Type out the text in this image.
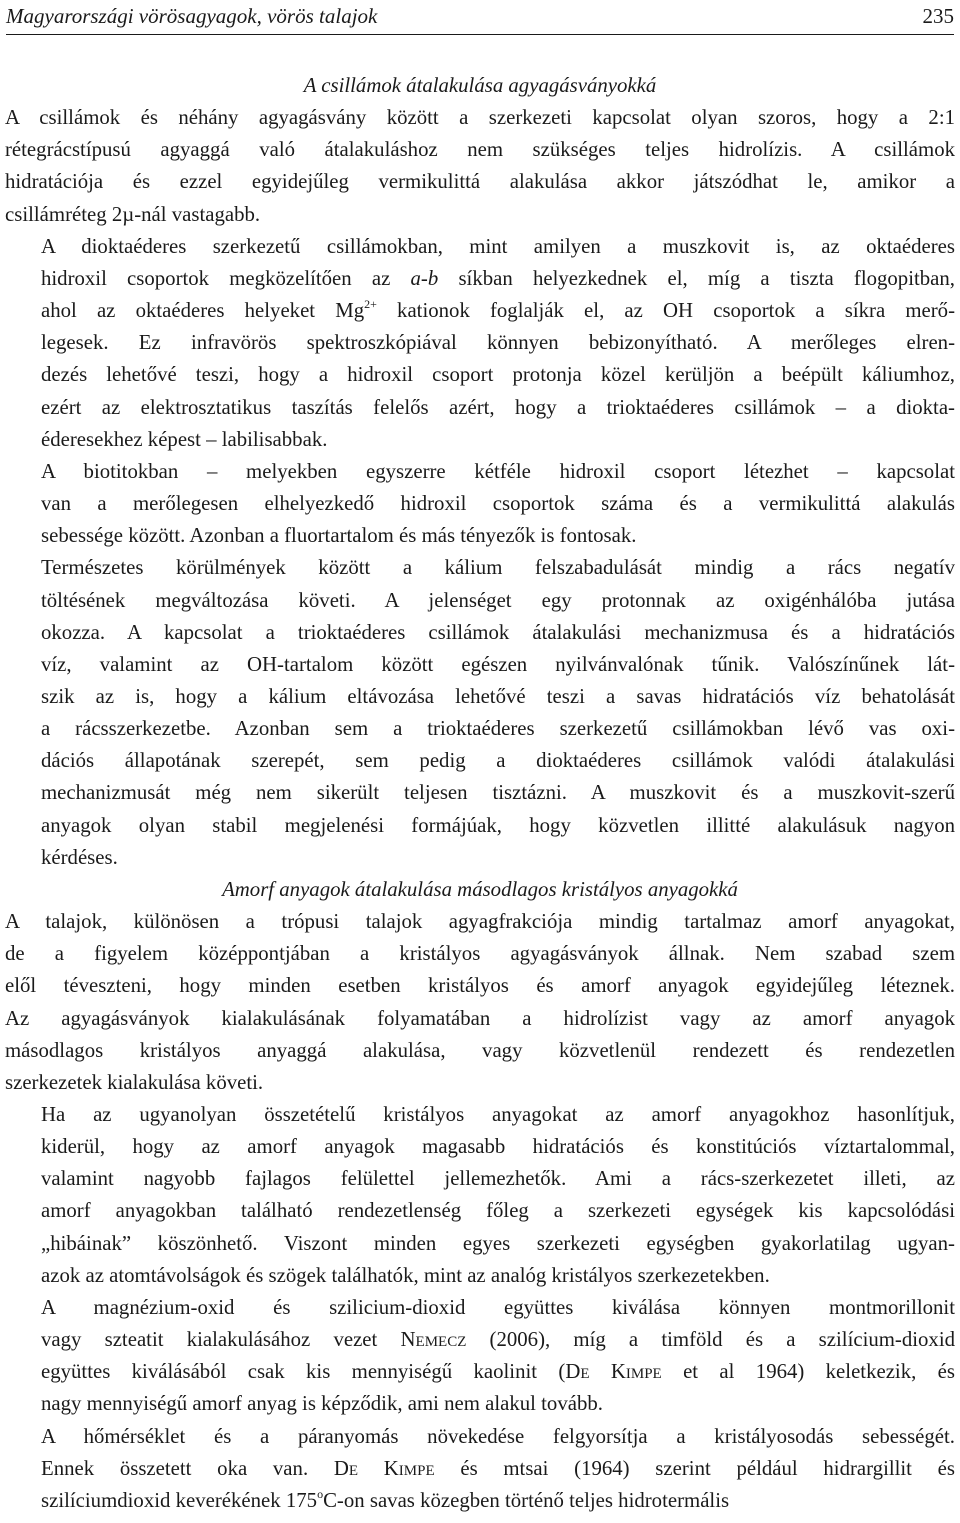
Magyarországi vörösagyagok, vörös talajok	235

A csillámok átalakulása agyagásványokká

A csillámok és néhány agyagásvány között a szerkezeti kapcsolat olyan szoros, hogy a 2:1
rétegrácstípusú agyaggá való átalakuláshoz nem szükséges teljes hidrolízis. A csillámok
hidratációja és ezzel egyidejűleg vermikulittá alakulása akkor játszódhat le, amikor a
csillámréteg 2µ-nál vastagabb.
A dioktaéderes szerkezetű csillámokban, mint amilyen a muszkovit is, az oktaéderes
hidroxil csoportok megközelítően az a-b síkban helyezkednek el, míg a tiszta flogopitban,
ahol az oktaéderes helyeket $Mg^{2+}$ kationok foglalják el, az OH csoportok a síkra merő-
legesek. Ez infravörös spektroszkópiával könnyen bebizonyítható. A merőleges elren-
dezés lehetővé teszi, hogy a hidroxil csoport protonja közel kerüljön a beépült káliumhoz,
ezért az elektrosztatikus taszítás felelős azért, hogy a trioktaéderes csillámok – a diokta-
éderesekhez képest – labilisabbak.
A biotitokban – melyekben egyszerre kétféle hidroxil csoport létezhet – kapcsolat
van a merőlegesen elhelyezkedő hidroxil csoportok száma és a vermikulittá alakulás
sebessége között. Azonban a fluortartalom és más tényezők is fontosak.
Természetes körülmények között a kálium felszabadulását mindig a rács negatív
töltésének megváltozása követi. A jelenséget egy protonnak az oxigénhálóba jutása
okozza. A kapcsolat a trioktaéderes csillámok átalakulási mechanizmusa és a hidratációs
víz, valamint az OH-tartalom között egészen nyilvánvalónak tűnik. Valószínűnek lát-
szik az is, hogy a kálium eltávozása lehetővé teszi a savas hidratációs víz behatolását
a rácsszerkezetbe. Azonban sem a trioktaéderes szerkezetű csillámokban lévő vas oxi-
dációs állapotának szerepét, sem pedig a dioktaéderes csillámok valódi átalakulási
mechanizmusát még nem sikerült teljesen tisztázni. A muszkovit és a muszkovit-szerű
anyagok olyan stabil megjelenési formájúak, hogy közvetlen illitté alakulásuk nagyon
kérdéses.

Amorf anyagok átalakulása másodlagos kristályos anyagokká

A talajok, különösen a trópusi talajok agyagfrakciója mindig tartalmaz amorf anyagokat,
de a figyelem középpontjában a kristályos agyagásványok állnak. Nem szabad szem
elől téveszteni, hogy minden esetben kristályos és amorf anyagok egyidejűleg léteznek.
Az agyagásványok kialakulásának folyamatában a hidrolízist vagy az amorf anyagok
másodlagos kristályos anyaggá alakulása, vagy közvetlenül rendezett és rendezetlen
szerkezetek kialakulása követi.
Ha az ugyanolyan összetételű kristályos anyagokat az amorf anyagokhoz hasonlítjuk,
kiderül, hogy az amorf anyagok magasabb hidratációs és konstitúciós víztartalommal,
valamint nagyobb fajlagos felülettel jellemezhetők. Ami a rács-szerkezetet illeti, az
amorf anyagokban található rendezetlenség főleg a szerkezeti egységek kis kapcsolódási
„hibáinak” köszönhető. Viszont minden egyes szerkezeti egységben gyakorlatilag ugyan-
azok az atomtávolságok és szögek találhatók, mint az analóg kristályos szerkezetekben.
A magnézium-oxid és szilicium-dioxid együttes kiválása könnyen montmorillonit
vagy szteatit kialakulásához vezet Nemecz (2006), míg a timföld és a szilícium-dioxid
együttes kiválásából csak kis mennyiségű kaolinit (De Kimpe et al 1964) keletkezik, és
nagy mennyiségű amorf anyag is képződik, ami nem alakul tovább.
A hőmérséklet és a páranyomás növekedése felgyorsítja a kristályosodás sebességét.
Ennek összetett oka van. De Kimpe és mtsai (1964) szerint például hidrargillit és
szilíciumdioxid keverékének 175$^o$C-on savas közegben történő teljes hidrotermális
